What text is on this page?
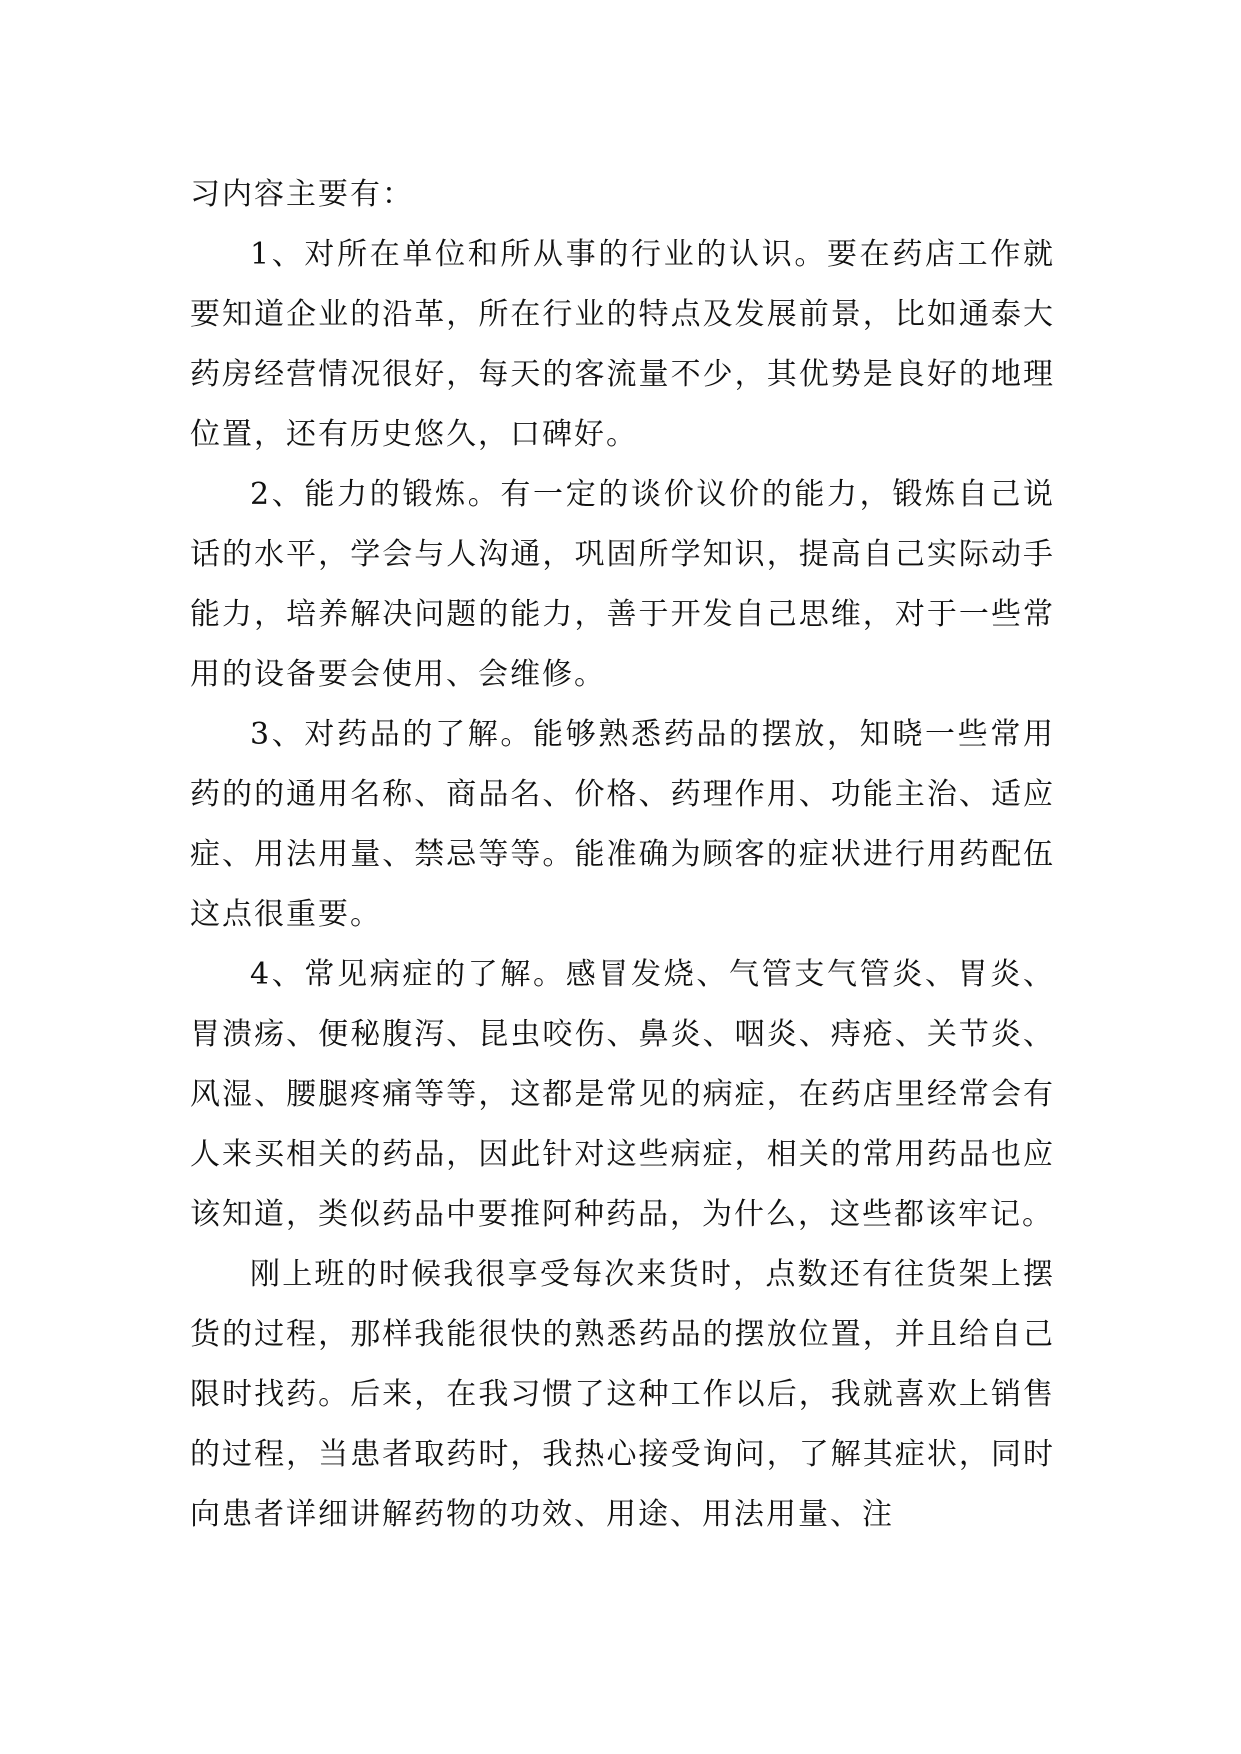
习内容主要有：

1、对所在单位和所从事的行业的认识。要在药店工作就要知道企业的沿革，所在行业的特点及发展前景，比如通泰大药房经营情况很好，每天的客流量不少，其优势是良好的地理位置，还有历史悠久，口碑好。

2、能力的锻炼。有一定的谈价议价的能力，锻炼自己说话的水平，学会与人沟通，巩固所学知识，提高自己实际动手能力，培养解决问题的能力，善于开发自己思维，对于一些常用的设备要会使用、会维修。

3、对药品的了解。能够熟悉药品的摆放，知晓一些常用药的的通用名称、商品名、价格、药理作用、功能主治、适应症、用法用量、禁忌等等。能准确为顾客的症状进行用药配伍这点很重要。

4、常见病症的了解。感冒发烧、气管支气管炎、胃炎、胃溃疡、便秘腹泻、昆虫咬伤、鼻炎、咽炎、痔疮、关节炎、风湿、腰腿疼痛等等，这都是常见的病症，在药店里经常会有人来买相关的药品，因此针对这些病症，相关的常用药品也应该知道，类似药品中要推阿种药品，为什么，这些都该牢记。

刚上班的时候我很享受每次来货时，点数还有往货架上摆货的过程，那样我能很快的熟悉药品的摆放位置，并且给自己限时找药。后来，在我习惯了这种工作以后，我就喜欢上销售的过程，当患者取药时，我热心接受询问，了解其症状，同时向患者详细讲解药物的功效、用途、用法用量、注
